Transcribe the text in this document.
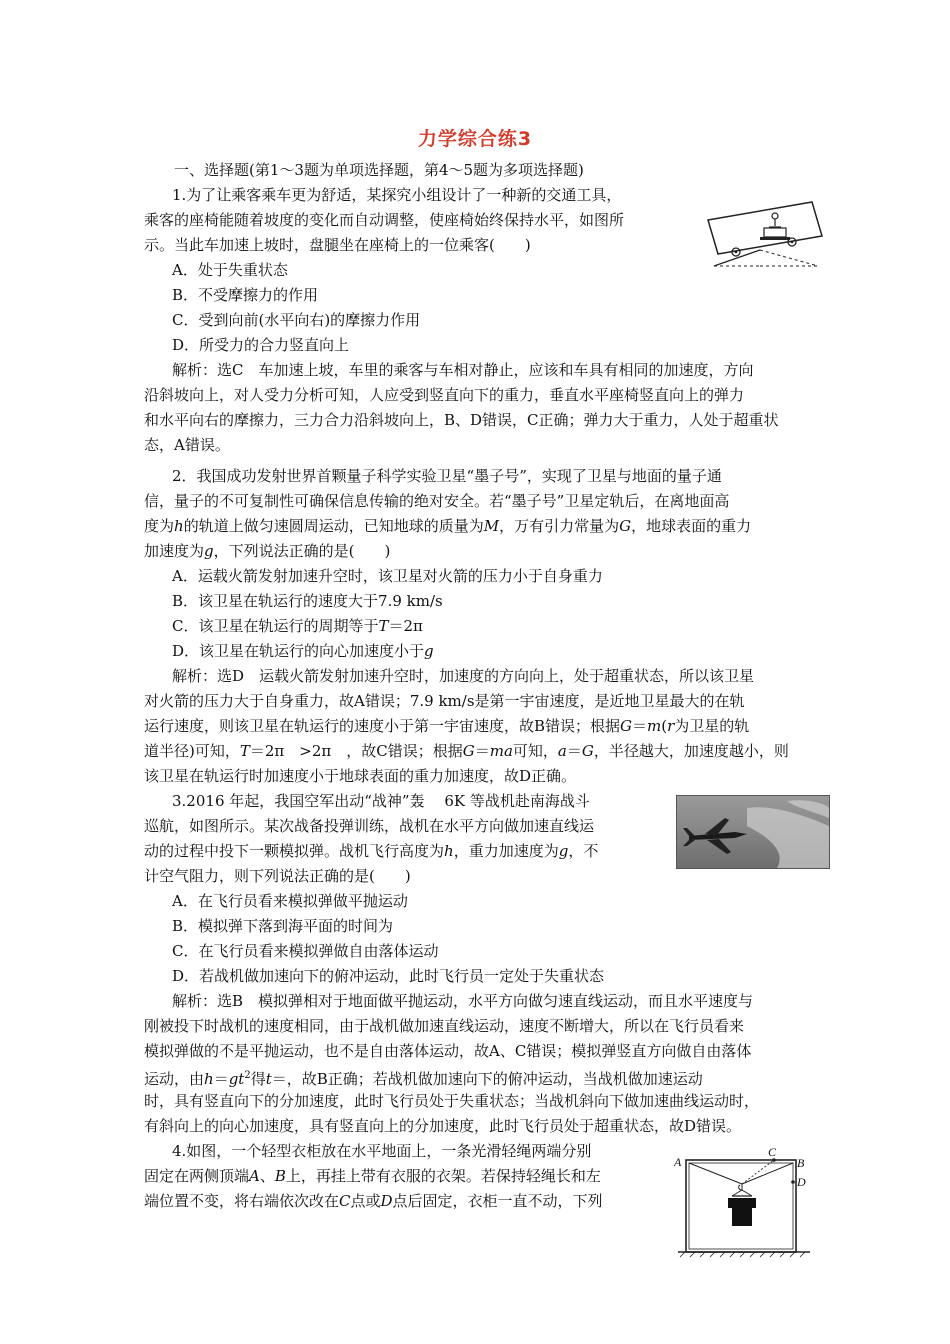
力学综合练3
一、选择题(第1～3题为单项选择题，第4～5题为多项选择题)
1.为了让乘客乘车更为舒适，某探究小组设计了一种新的交通工具，
乘客的座椅能随着坡度的变化而自动调整，使座椅始终保持水平，如图所
示。当此车加速上坡时，盘腿坐在座椅上的一位乘客(　　)
A．处于失重状态
B．不受摩擦力的作用
C．受到向前(水平向右)的摩擦力作用
D．所受力的合力竖直向上
解析：选C　车加速上坡，车里的乘客与车相对静止，应该和车具有相同的加速度，方向
沿斜坡向上，对人受力分析可知，人应受到竖直向下的重力，垂直水平座椅竖直向上的弹力
和水平向右的摩擦力，三力合力沿斜坡向上，B、D错误，C正确；弹力大于重力，人处于超重状
态，A错误。
2．我国成功发射世界首颗量子科学实验卫星“墨子号”，实现了卫星与地面的量子通
信，量子的不可复制性可确保信息传输的绝对安全。若“墨子号”卫星定轨后，在离地面高
度为h的轨道上做匀速圆周运动，已知地球的质量为M，万有引力常量为G，地球表面的重力
加速度为g，下列说法正确的是(　　)
A．运载火箭发射加速升空时，该卫星对火箭的压力小于自身重力
B．该卫星在轨运行的速度大于7.9 km/s
C．该卫星在轨运行的周期等于T＝2π
D．该卫星在轨运行的向心加速度小于g
解析：选D　运载火箭发射加速升空时，加速度的方向向上，处于超重状态，所以该卫星
对火箭的压力大于自身重力，故A错误；7.9 km/s是第一宇宙速度，是近地卫星最大的在轨
运行速度，则该卫星在轨运行的速度小于第一宇宙速度，故B错误；根据G＝m(r为卫星的轨
道半径)可知，T＝2π　>2π　，故C错误；根据G＝ma可知，a＝G，半径越大，加速度越小，则
该卫星在轨运行时加速度小于地球表面的重力加速度，故D正确。
3.2016 年起，我国空军出动“战神”轰　 6K 等战机赴南海战斗
巡航，如图所示。某次战备投弹训练，战机在水平方向做加速直线运
动的过程中投下一颗模拟弹。战机飞行高度为h，重力加速度为g，不
计空气阻力，则下列说法正确的是(　　)
A．在飞行员看来模拟弹做平抛运动
B．模拟弹下落到海平面的时间为
C．在飞行员看来模拟弹做自由落体运动
D．若战机做加速向下的俯冲运动，此时飞行员一定处于失重状态
解析：选B　模拟弹相对于地面做平抛运动，水平方向做匀速直线运动，而且水平速度与
刚被投下时战机的速度相同，由于战机做加速直线运动，速度不断增大，所以在飞行员看来
模拟弹做的不是平抛运动，也不是自由落体运动，故A、C错误；模拟弹竖直方向做自由落体
运动，由$h=gt^2$得t＝，故B正确；若战机做加速向下的俯冲运动，当战机做加速运动
时，具有竖直向下的分加速度，此时飞行员处于失重状态；当战机斜向下做加速曲线运动时，
有斜向上的向心加速度，具有竖直向上的分加速度，此时飞行员处于超重状态，故D错误。
4.如图，一个轻型衣柜放在水平地面上，一条光滑轻绳两端分别
固定在两侧顶端A、B上，再挂上带有衣服的衣架。若保持轻绳长和左
端位置不变，将右端依次改在C点或D点后固定，衣柜一直不动，下列
A
C
B
D
